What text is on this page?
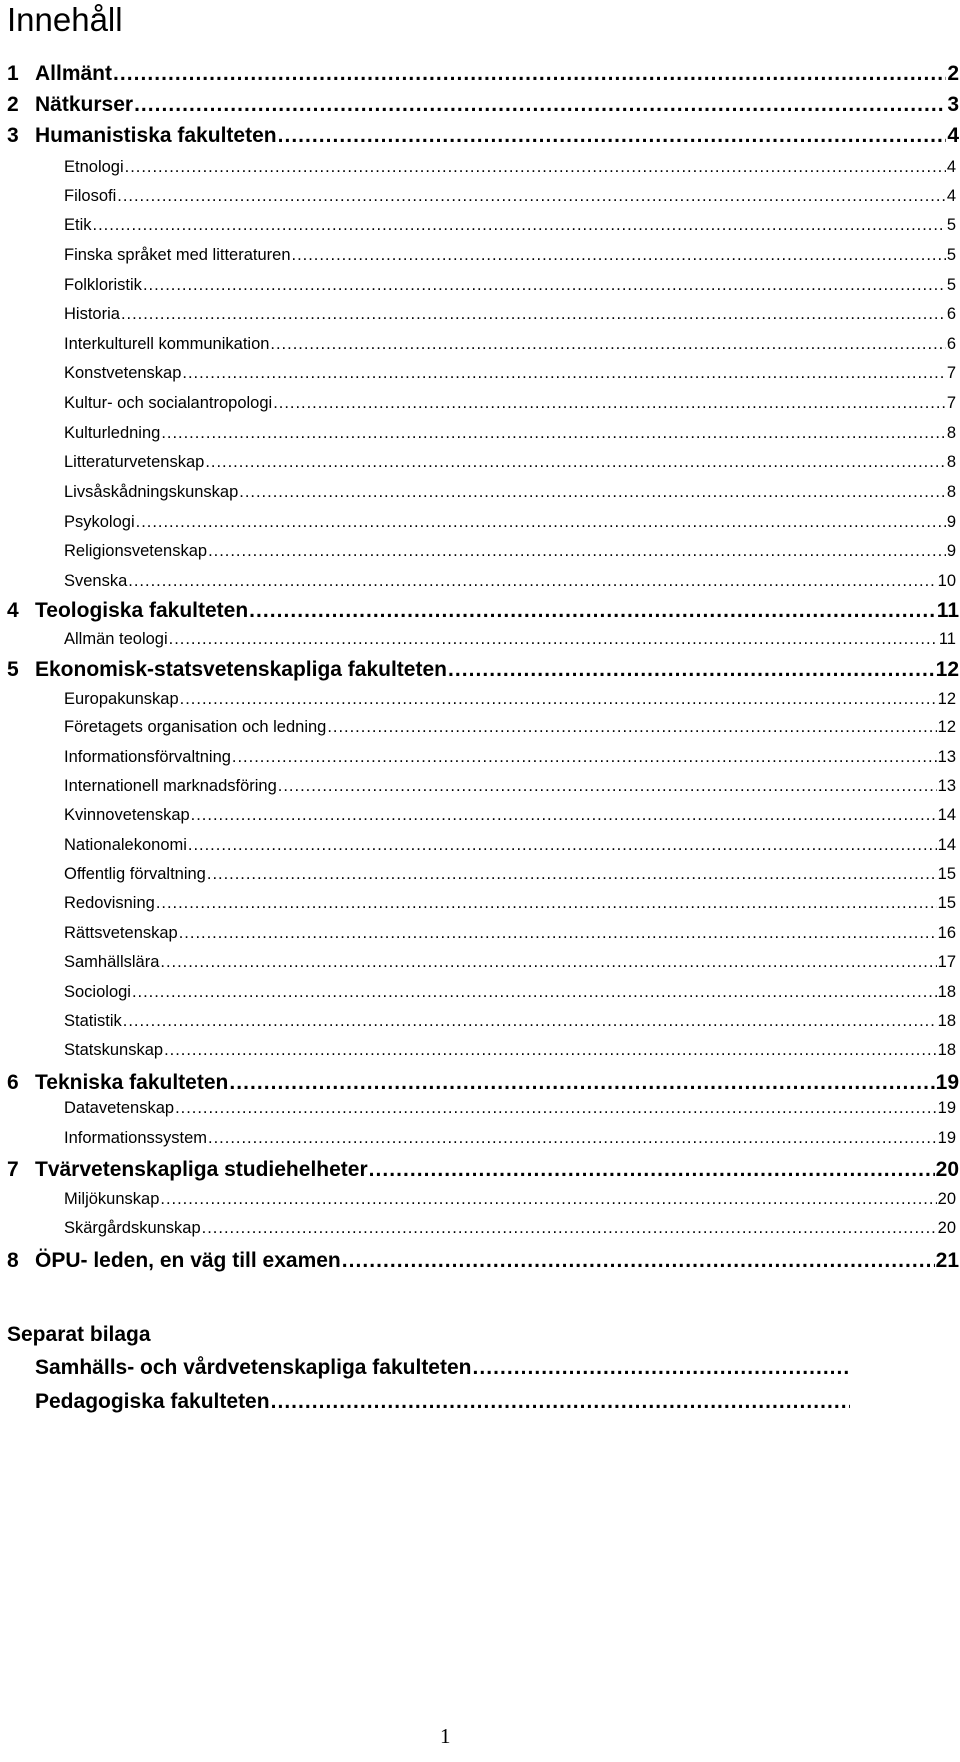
Innehåll
1 Allmänt . . .	2
2 Nätkurser . . .	3
3 Humanistiska fakulteten . . .	4
Etnologi . . .	4
Filosofi . . .	4
Etik . . .	5
Finska språket med litteraturen . . .	5
Folkloristik . . .	5
Historia . . .	6
Interkulturell kommunikation . . .	6
Konstvetenskap . . .	7
Kultur- och socialantropologi . . .	7
Kulturledning . . .	8
Litteraturvetenskap . . .	8
Livsåskådningskunskap . . .	8
Psykologi . . .	9
Religionsvetenskap . . .	9
Svenska . . .	10
4 Teologiska fakulteten . . .	11
Allmän teologi . . .	11
5 Ekonomisk-statsvetenskapliga fakulteten . . .	12
Europakunskap . . .	12
Företagets organisation och ledning . . .	12
Informationsförvaltning . . .	13
Internationell marknadsföring . . .	13
Kvinnovetenskap . . .	14
Nationalekonomi . . .	14
Offentlig förvaltning . . .	15
Redovisning . . .	15
Rättsvetenskap . . .	16
Samhällslära . . .	17
Sociologi . . .	18
Statistik . . .	18
Statskunskap . . .	18
6 Tekniska fakulteten . . .	19
Datavetenskap . . .	19
Informationssystem . . .	19
7 Tvärvetenskapliga studiehelheter . . .	20
Miljökunskap . . .	20
Skärgårdskunskap . . .	20
8 ÖPU- leden, en väg till examen . . .	21
Separat bilaga
Samhälls- och vårdvetenskapliga fakulteten
. . .
Pedagogiska fakulteten
. . .
1
